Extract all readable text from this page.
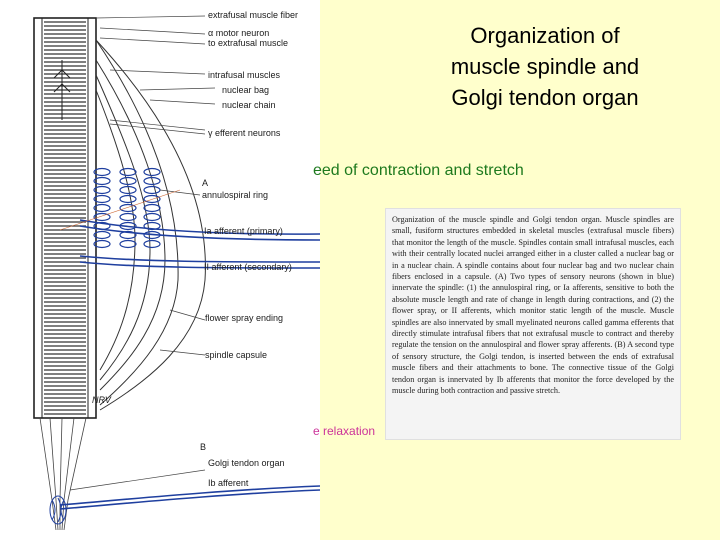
extrafusal muscle fiber
α motor neuron
to extrafusal muscle
intrafusal muscles
nuclear bag
nuclear chain
γ efferent neurons
A
annulospiral ring
Ia afferent (primary)
II afferent (secondary)
flower spray ending
spindle capsule
NRV
B
Golgi tendon organ
Ib afferent
Organization of
muscle spindle and
Golgi tendon organ
eed of contraction and stretch
e relaxation
Organization of the muscle spindle and Golgi tendon organ. Muscle spindles are small, fusiform structures embedded in skeletal muscles (extrafusal muscle fibers) that monitor the length of the muscle. Spindles contain small intrafusal muscles, each with their centrally located nuclei arranged either in a cluster called a nuclear bag or in a nuclear chain. A spindle contains about four nuclear bag and two nuclear chain fibers enclosed in a capsule. (A) Two types of sensory neurons (shown in blue) innervate the spindle: (1) the annulospiral ring, or Ia afferents, sensitive to both the absolute muscle length and rate of change in length during contractions, and (2) the flower spray, or II afferents, which monitor static length of the muscle. Muscle spindles are also innervated by small myelinated neurons called gamma efferents that directly stimulate intrafusal fibers that not extrafusal muscle to contract and thereby regulate the tension on the annulospiral and flower spray afferents. (B) A second type of sensory structure, the Golgi tendon, is inserted between the ends of extrafusal muscle fibers and their attachments to bone. The connective tissue of the Golgi tendon organ is innervated by Ib afferents that monitor the force developed by the muscle during both contraction and passive stretch.
